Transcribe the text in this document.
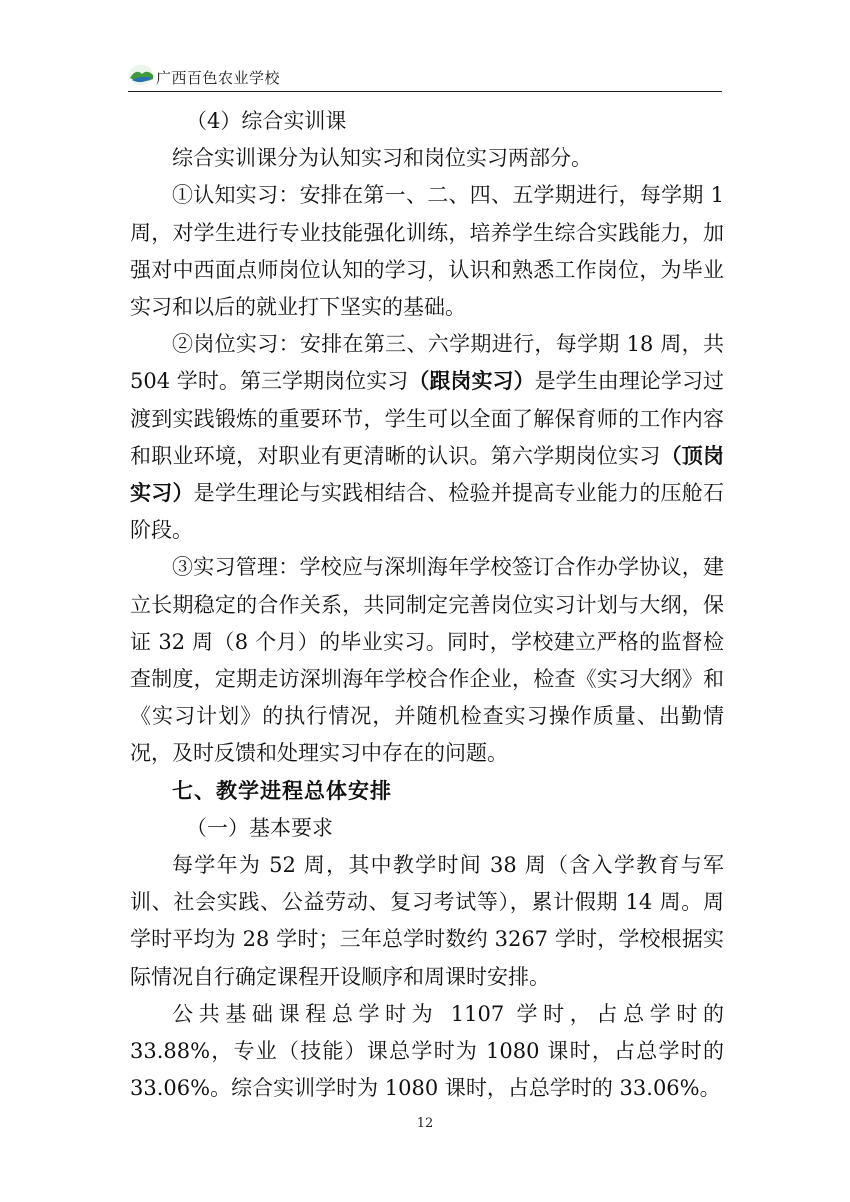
广西百色农业学校

（4）综合实训课

综合实训课分为认知实习和岗位实习两部分。

①认知实习：安排在第一、二、四、五学期进行，每学期 1 周，对学生进行专业技能强化训练，培养学生综合实践能力，加强对中西面点师岗位认知的学习，认识和熟悉工作岗位，为毕业实习和以后的就业打下坚实的基础。

②岗位实习：安排在第三、六学期进行，每学期 18 周，共 504 学时。第三学期岗位实习（跟岗实习）是学生由理论学习过渡到实践锻炼的重要环节，学生可以全面了解保育师的工作内容和职业环境，对职业有更清晰的认识。第六学期岗位实习（顶岗实习）是学生理论与实践相结合、检验并提高专业能力的压舱石阶段。

③实习管理：学校应与深圳海年学校签订合作办学协议，建立长期稳定的合作关系，共同制定完善岗位实习计划与大纲，保证 32 周（8 个月）的毕业实习。同时，学校建立严格的监督检查制度，定期走访深圳海年学校合作企业，检查《实习大纲》和《实习计划》的执行情况，并随机检查实习操作质量、出勤情况，及时反馈和处理实习中存在的问题。

七、教学进程总体安排

（一）基本要求

每学年为 52 周，其中教学时间 38 周（含入学教育与军训、社会实践、公益劳动、复习考试等），累计假期 14 周。周学时平均为 28 学时；三年总学时数约 3267 学时，学校根据实际情况自行确定课程开设顺序和周课时安排。

公共基础课程总学时为 1107 学时，占总学时的 33.88%，专业（技能）课总学时为 1080 课时，占总学时的 33.06%。综合实训学时为 1080 课时，占总学时的 33.06%。

12
